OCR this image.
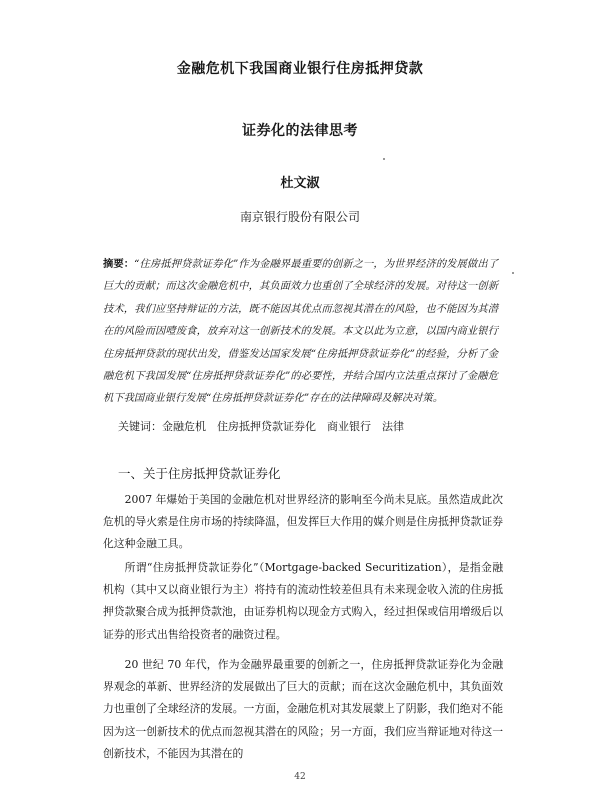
金融危机下我国商业银行住房抵押贷款
证券化的法律思考
杜文淑
南京银行股份有限公司
摘要：“住房抵押贷款证券化”作为金融界最重要的创新之一，为世界经济的发展做出了巨大的贡献；而这次金融危机中，其负面效力也重创了全球经济的发展。对待这一创新技术，我们应坚持辩证的方法，既不能因其优点而忽视其潜在的风险，也不能因为其潜在的风险而因噎废食，放弃对这一创新技术的发展。本文以此为立意，以国内商业银行住房抵押贷款的现状出发，借鉴发达国家发展“住房抵押贷款证券化”的经验，分析了金融危机下我国发展“住房抵押贷款证券化”的必要性，并结合国内立法重点探讨了金融危机下我国商业银行发展“住房抵押贷款证券化”存在的法律障碍及解决对策。
关键词：金融危机　住房抵押贷款证券化　商业银行　法律
一、关于住房抵押贷款证券化
2007 年爆始于美国的金融危机对世界经济的影响至今尚未見底。虽然造成此次危机的导火索是住房市场的持续降温，但发挥巨大作用的媒介则是住房抵押贷款证券化这种金融工具。
所谓“住房抵押贷款证券化”（Mortgage-backed Securitization），是指金融机构（其中又以商业银行为主）将持有的流动性较差但具有未来现金收入流的住房抵押贷款聚合成为抵押贷款池，由证券机构以现金方式购入，经过担保或信用增级后以证券的形式出售给投资者的融资过程。
20 世纪 70 年代，作为金融界最重要的创新之一，住房抵押贷款证券化为金融界观念的革新、世界经济的发展做出了巨大的贡献；而在这次金融危机中，其负面效力也重创了全球经济的发展。一方面，金融危机对其发展蒙上了阴影，我们绝对不能因为这一创新技术的优点而忽视其潜在的风险；另一方面，我们应当辩证地对待这一创新技术，不能因为其潜在的
42
